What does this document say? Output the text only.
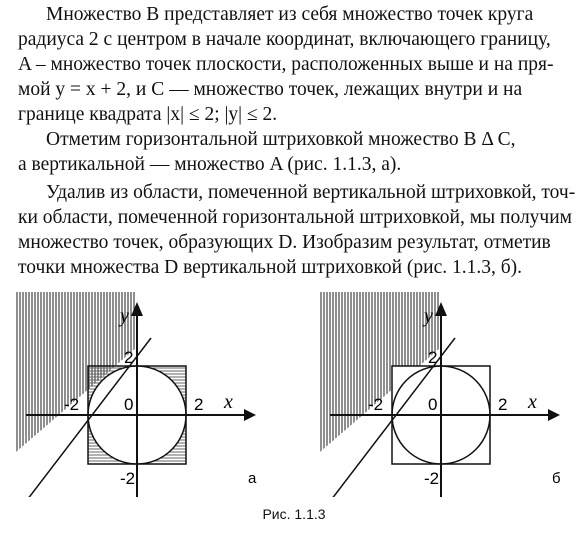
Множество B представляет из себя множество точек круга
радиуса 2 с центром в начале координат, включающего границу,
A – множество точек плоскости, расположенных выше и на пря-
мой y = x + 2, и C — множество точек, лежащих внутри и на
границе квадрата |x| ≤ 2; |y| ≤ 2.
Отметим горизонтальной штриховкой множество B Δ C,
а вертикальной — множество A (рис. 1.1.3, а).
Удалив из области, помеченной вертикальной штриховкой, точ-
ки области, помеченной горизонтальной штриховкой, мы получим
множество точек, образующих D. Изобразим результат, отметив
точки множества D вертикальной штриховкой (рис. 1.1.3, б).
y
x
2
-2
-2	2
0
а
y
x
2
-2
-2	2
0
б
Рис. 1.1.3
